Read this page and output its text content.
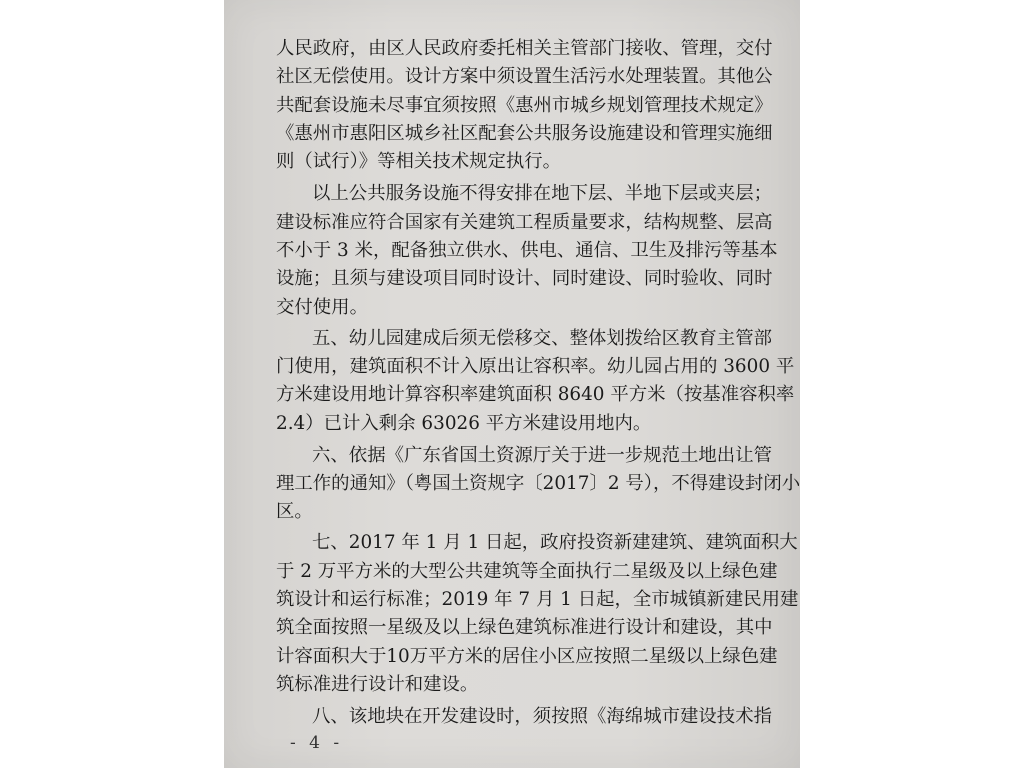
人民政府，由区人民政府委托相关主管部门接收、管理，交付
社区无偿使用。设计方案中须设置生活污水处理装置。其他公
共配套设施未尽事宜须按照《惠州市城乡规划管理技术规定》
《惠州市惠阳区城乡社区配套公共服务设施建设和管理实施细
则（试行）》等相关技术规定执行。
以上公共服务设施不得安排在地下层、半地下层或夹层；
建设标准应符合国家有关建筑工程质量要求，结构规整、层高
不小于 3 米，配备独立供水、供电、通信、卫生及排污等基本
设施；且须与建设项目同时设计、同时建设、同时验收、同时
交付使用。
五、幼儿园建成后须无偿移交、整体划拨给区教育主管部
门使用，建筑面积不计入原出让容积率。幼儿园占用的 3600 平
方米建设用地计算容积率建筑面积 8640 平方米（按基准容积率
2.4）已计入剩余 63026 平方米建设用地内。
六、依据《广东省国土资源厅关于进一步规范土地出让管
理工作的通知》（粤国土资规字〔2017〕2 号），不得建设封闭小
区。
七、2017 年 1 月 1 日起，政府投资新建建筑、建筑面积大
于 2 万平方米的大型公共建筑等全面执行二星级及以上绿色建
筑设计和运行标准；2019 年 7 月 1 日起，全市城镇新建民用建
筑全面按照一星级及以上绿色建筑标准进行设计和建设，其中
计容面积大于10万平方米的居住小区应按照二星级以上绿色建
筑标准进行设计和建设。
八、该地块在开发建设时，须按照《海绵城市建设技术指
- 4 -
